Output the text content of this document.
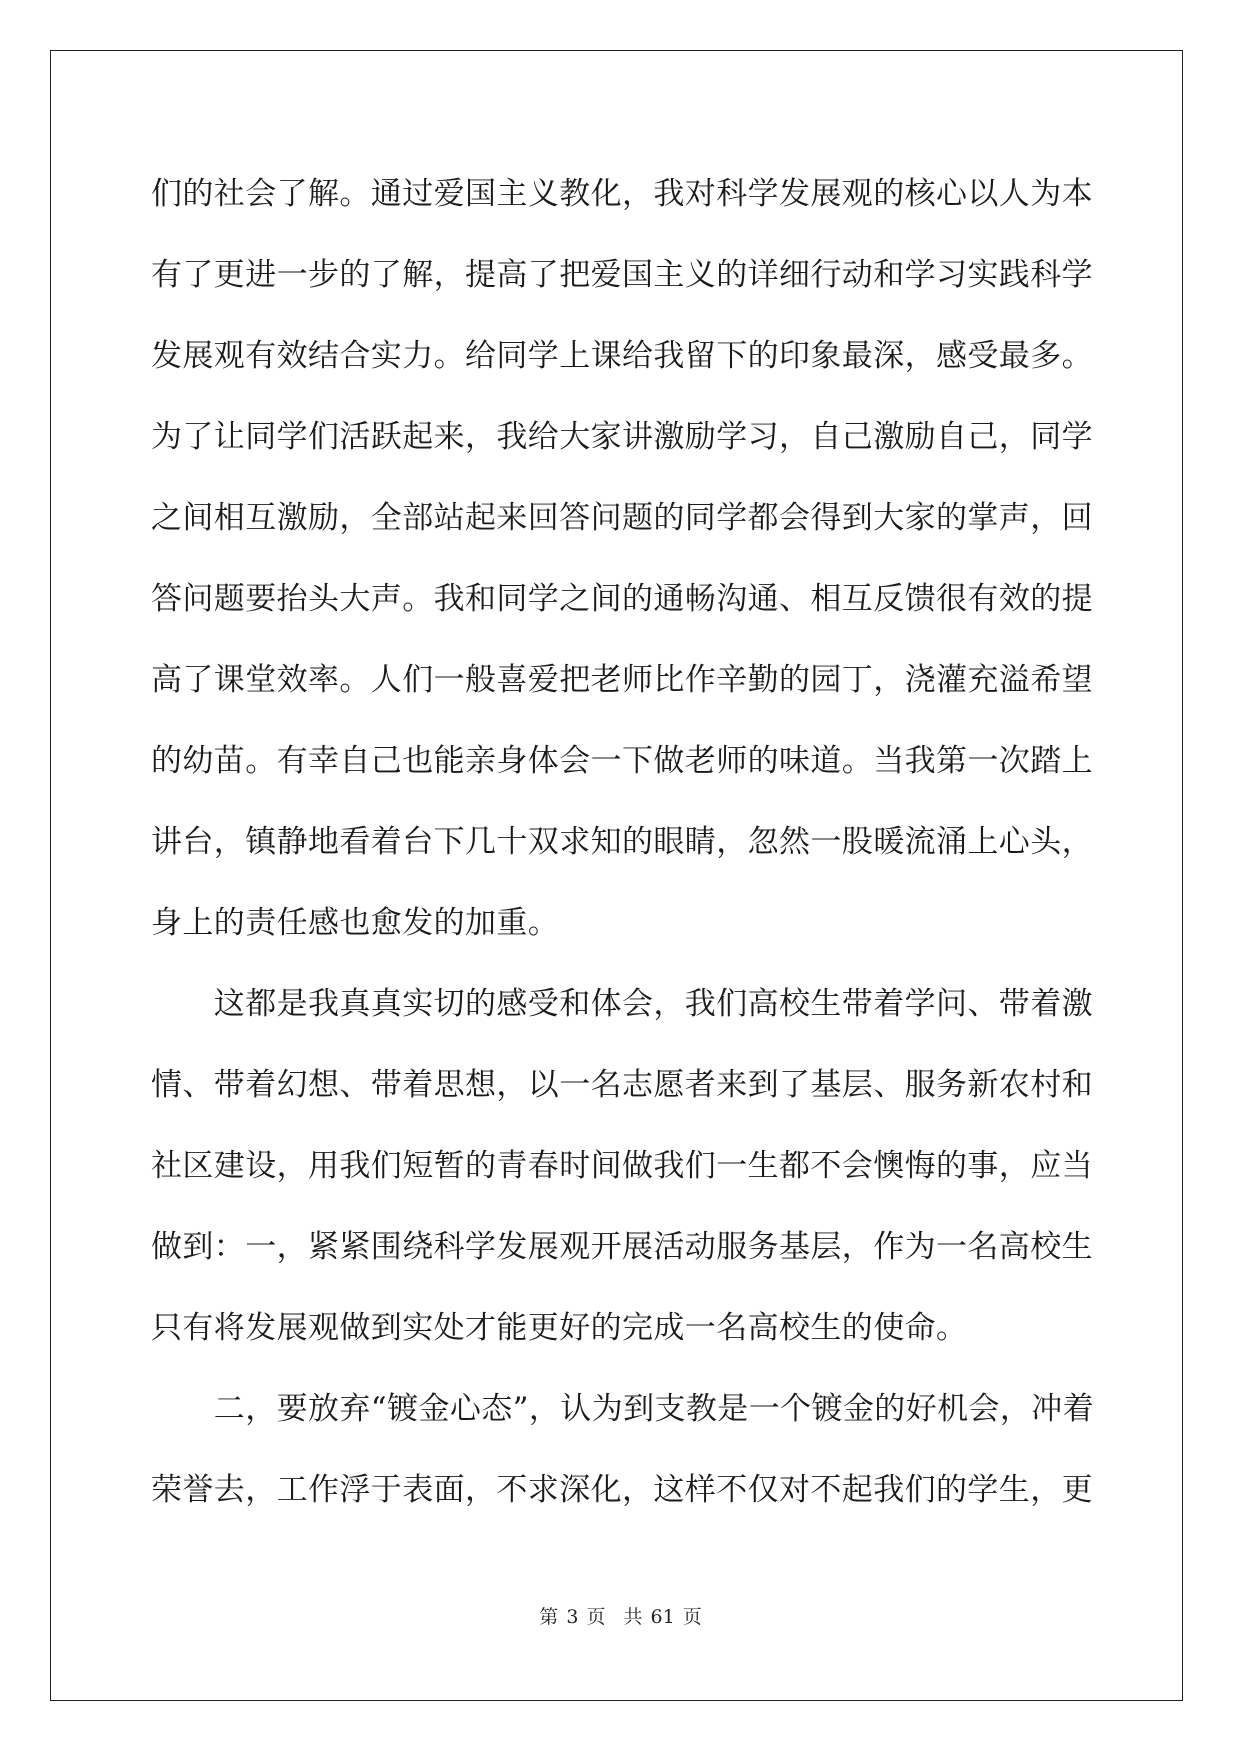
们的社会了解。通过爱国主义教化，我对科学发展观的核心以人为本
有了更进一步的了解，提高了把爱国主义的详细行动和学习实践科学
发展观有效结合实力。给同学上课给我留下的印象最深，感受最多。
为了让同学们活跃起来，我给大家讲激励学习，自己激励自己，同学
之间相互激励，全部站起来回答问题的同学都会得到大家的掌声，回
答问题要抬头大声。我和同学之间的通畅沟通、相互反馈很有效的提
高了课堂效率。人们一般喜爱把老师比作辛勤的园丁，浇灌充溢希望
的幼苗。有幸自己也能亲身体会一下做老师的味道。当我第一次踏上
讲台，镇静地看着台下几十双求知的眼睛，忽然一股暖流涌上心头，
身上的责任感也愈发的加重。
　　这都是我真真实切的感受和体会，我们高校生带着学问、带着激
情、带着幻想、带着思想，以一名志愿者来到了基层、服务新农村和
社区建设，用我们短暂的青春时间做我们一生都不会懊悔的事，应当
做到：一，紧紧围绕科学发展观开展活动服务基层，作为一名高校生
只有将发展观做到实处才能更好的完成一名高校生的使命。
　　二，要放弃“镀金心态”，认为到支教是一个镀金的好机会，冲着
荣誉去，工作浮于表面，不求深化，这样不仅对不起我们的学生，更
第 3 页 共 61 页
